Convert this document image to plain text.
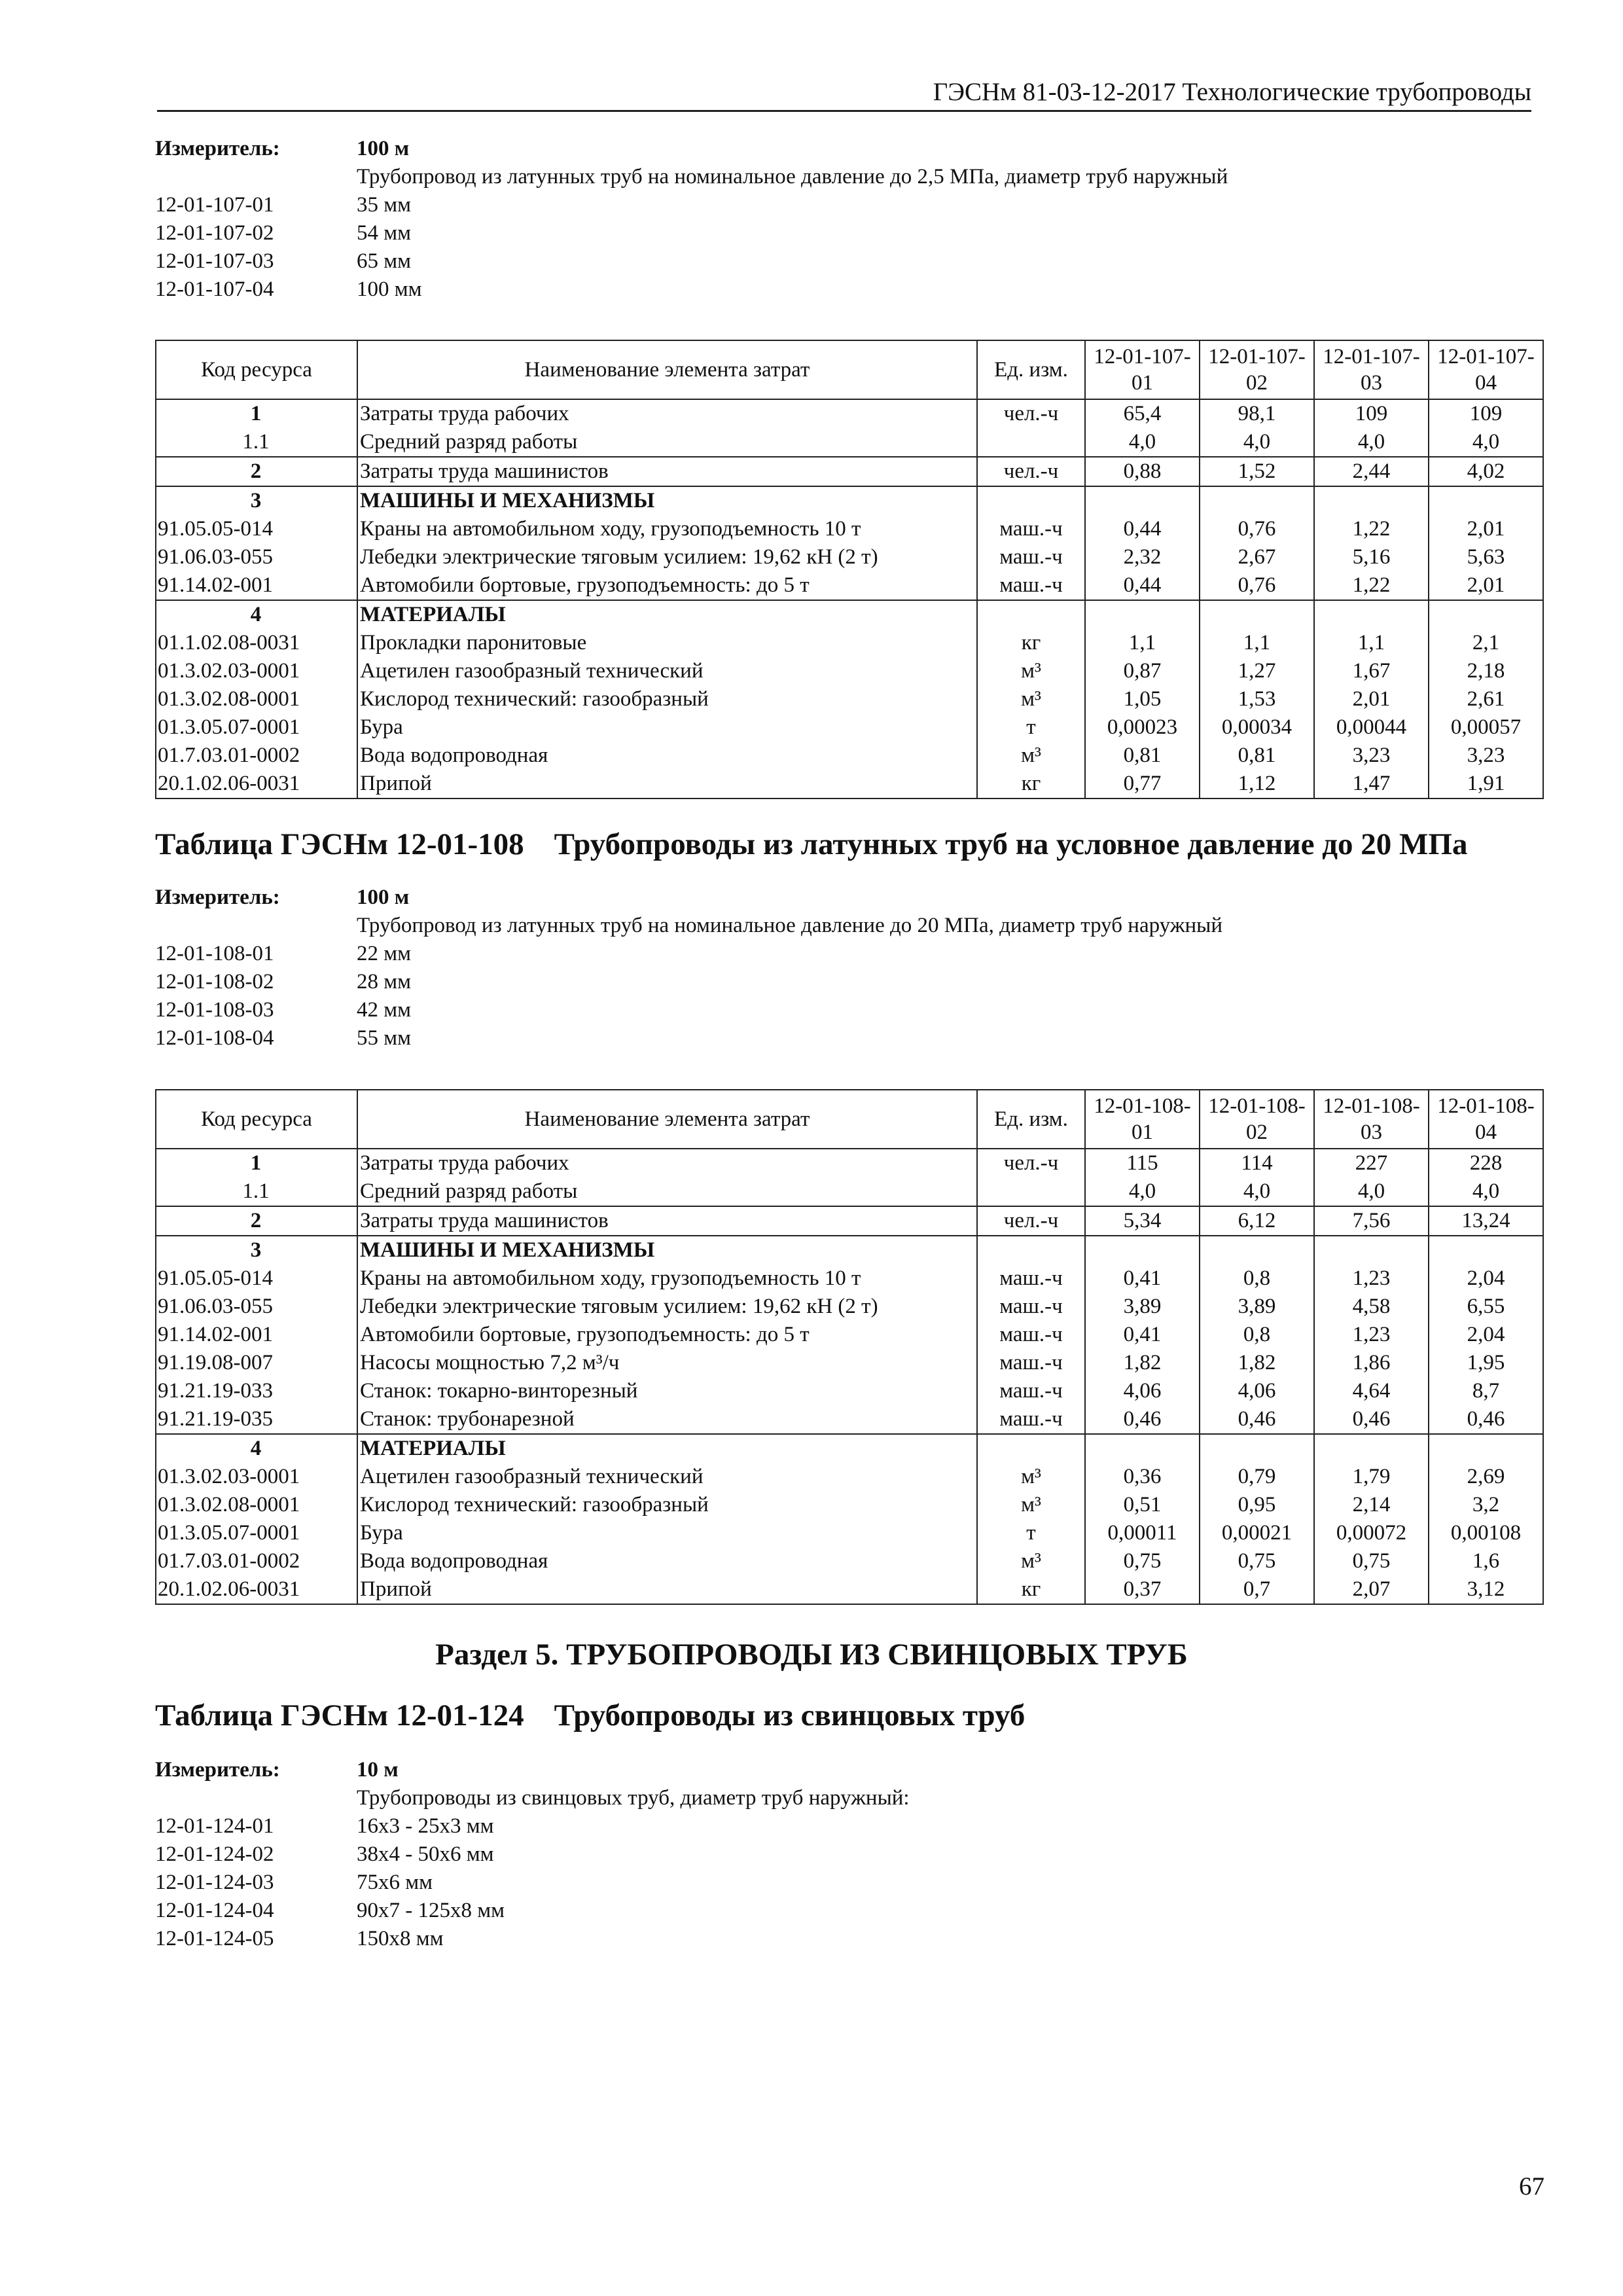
ГЭСНм 81-03-12-2017 Технологические трубопроводы
Измеритель:	100 м
Трубопровод из латунных труб на номинальное давление до 2,5 МПа, диаметр труб наружный
12-01-107-01	35 мм
12-01-107-02	54 мм
12-01-107-03	65 мм
12-01-107-04	100 мм
Код ресурса	Наименование элемента затрат	Ед. изм.	12-01-107-01	12-01-107-02	12-01-107-03	12-01-107-04
1	Затраты труда рабочих	чел.-ч	65,4	98,1	109	109
1.1	Средний разряд работы		4,0	4,0	4,0	4,0
2	Затраты труда машинистов	чел.-ч	0,88	1,52	2,44	4,02
3	МАШИНЫ И МЕХАНИЗМЫ					
91.05.05-014	Краны на автомобильном ходу, грузоподъемность 10 т	маш.-ч	0,44	0,76	1,22	2,01
91.06.03-055	Лебедки электрические тяговым усилием: 19,62 кН (2 т)	маш.-ч	2,32	2,67	5,16	5,63
91.14.02-001	Автомобили бортовые, грузоподъемность: до 5 т	маш.-ч	0,44	0,76	1,22	2,01
4	МАТЕРИАЛЫ					
01.1.02.08-0031	Прокладки паронитовые	кг	1,1	1,1	1,1	2,1
01.3.02.03-0001	Ацетилен газообразный технический	м³	0,87	1,27	1,67	2,18
01.3.02.08-0001	Кислород технический: газообразный	м³	1,05	1,53	2,01	2,61
01.3.05.07-0001	Бура	т	0,00023	0,00034	0,00044	0,00057
01.7.03.01-0002	Вода водопроводная	м³	0,81	0,81	3,23	3,23
20.1.02.06-0031	Припой	кг	0,77	1,12	1,47	1,91
Таблица ГЭСНм 12-01-108 Трубопроводы из латунных труб на условное давление до 20 МПа
Измеритель:	100 м
Трубопровод из латунных труб на номинальное давление до 20 МПа, диаметр труб наружный
12-01-108-01	22 мм
12-01-108-02	28 мм
12-01-108-03	42 мм
12-01-108-04	55 мм
Код ресурса	Наименование элемента затрат	Ед. изм.	12-01-108-01	12-01-108-02	12-01-108-03	12-01-108-04
1	Затраты труда рабочих	чел.-ч	115	114	227	228
1.1	Средний разряд работы		4,0	4,0	4,0	4,0
2	Затраты труда машинистов	чел.-ч	5,34	6,12	7,56	13,24
3	МАШИНЫ И МЕХАНИЗМЫ					
91.05.05-014	Краны на автомобильном ходу, грузоподъемность 10 т	маш.-ч	0,41	0,8	1,23	2,04
91.06.03-055	Лебедки электрические тяговым усилием: 19,62 кН (2 т)	маш.-ч	3,89	3,89	4,58	6,55
91.14.02-001	Автомобили бортовые, грузоподъемность: до 5 т	маш.-ч	0,41	0,8	1,23	2,04
91.19.08-007	Насосы мощностью 7,2 м³/ч	маш.-ч	1,82	1,82	1,86	1,95
91.21.19-033	Станок: токарно-винторезный	маш.-ч	4,06	4,06	4,64	8,7
91.21.19-035	Станок: трубонарезной	маш.-ч	0,46	0,46	0,46	0,46
4	МАТЕРИАЛЫ					
01.3.02.03-0001	Ацетилен газообразный технический	м³	0,36	0,79	1,79	2,69
01.3.02.08-0001	Кислород технический: газообразный	м³	0,51	0,95	2,14	3,2
01.3.05.07-0001	Бура	т	0,00011	0,00021	0,00072	0,00108
01.7.03.01-0002	Вода водопроводная	м³	0,75	0,75	0,75	1,6
20.1.02.06-0031	Припой	кг	0,37	0,7	2,07	3,12
Раздел 5. ТРУБОПРОВОДЫ ИЗ СВИНЦОВЫХ ТРУБ
Таблица ГЭСНм 12-01-124 Трубопроводы из свинцовых труб
Измеритель:	10 м
Трубопроводы из свинцовых труб, диаметр труб наружный:
12-01-124-01	16x3 - 25x3 мм
12-01-124-02	38x4 - 50x6 мм
12-01-124-03	75x6 мм
12-01-124-04	90x7 - 125x8 мм
12-01-124-05	150x8 мм
67
